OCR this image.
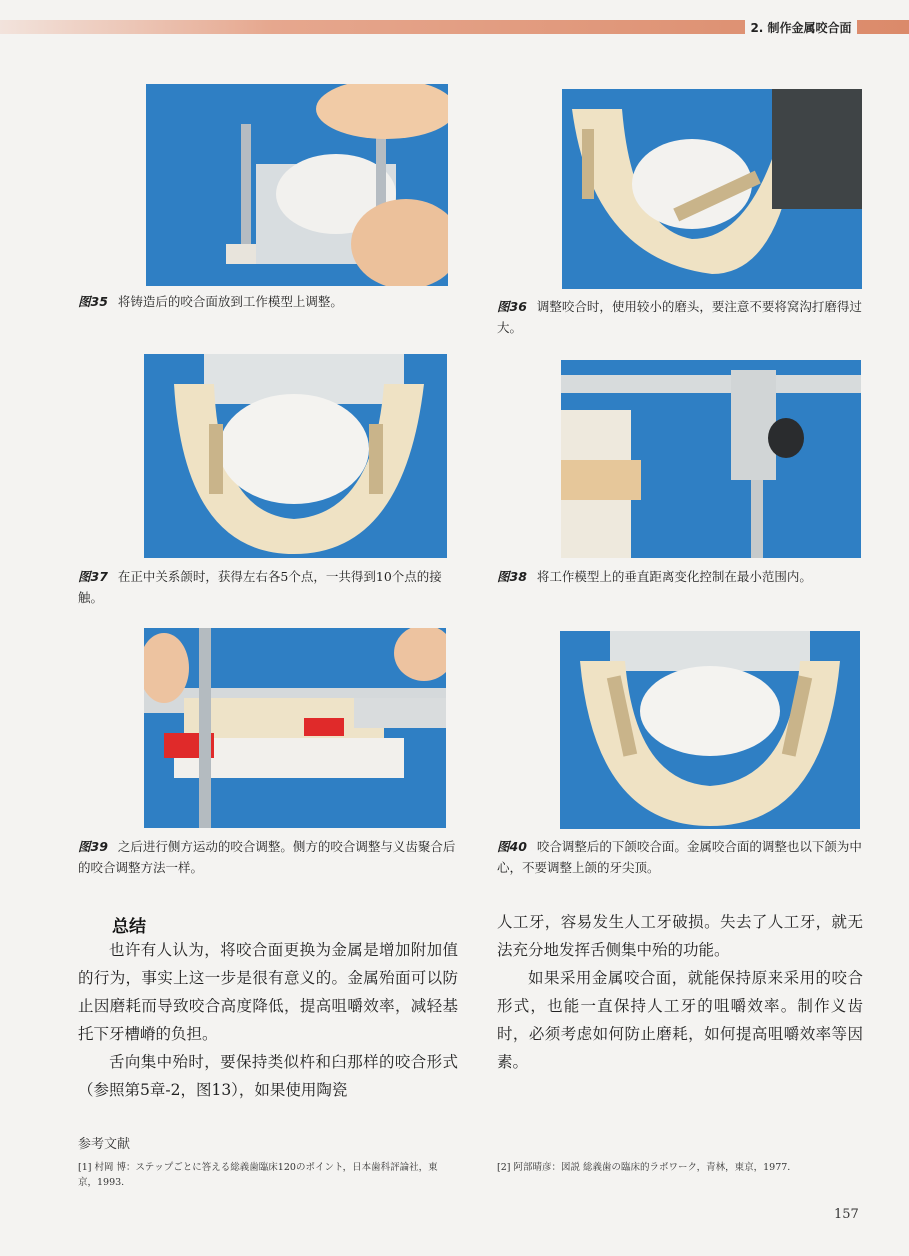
2. 制作金属咬合面
图35 将铸造后的咬合面放到工作模型上调整。	图36 调整咬合时，使用较小的磨头，要注意不要将窝沟打磨得过大。
图37 在正中关系颌时，获得左右各5个点，一共得到10个点的接触。
图38 将工作模型上的垂直距离变化控制在最小范围内。
图39 之后进行侧方运动的咬合调整。侧方的咬合调整与义齿聚合后的咬合调整方法一样。
图40 咬合调整后的下颌咬合面。金属咬合面的调整也以下颌为中心，不要调整上颌的牙尖顶。
总结

也许有人认为，将咬合面更换为金属是增加附加值的行为，事实上这一步是很有意义的。金属殆面可以防止因磨耗而导致咬合高度降低，提高咀嚼效率，减轻基托下牙槽嵴的负担。

舌向集中殆时，要保持类似杵和臼那样的咬合形式（参照第5章-2，图13），如果使用陶瓷

人工牙，容易发生人工牙破损。失去了人工牙，就无法充分地发挥舌侧集中殆的功能。

如果采用金属咬合面，就能保持原来采用的咬合形式，也能一直保持人工牙的咀嚼效率。制作义齿时，必须考虑如何防止磨耗，如何提高咀嚼效率等因素。

参考文献
[1] 村岡 博：ステップごとに答える総義歯臨床120のポイント，日本歯科評論社，東京，1993.
[2] 阿部晴彦：図説 総義歯の臨床的ラボワーク，青林，東京，1977.
157
